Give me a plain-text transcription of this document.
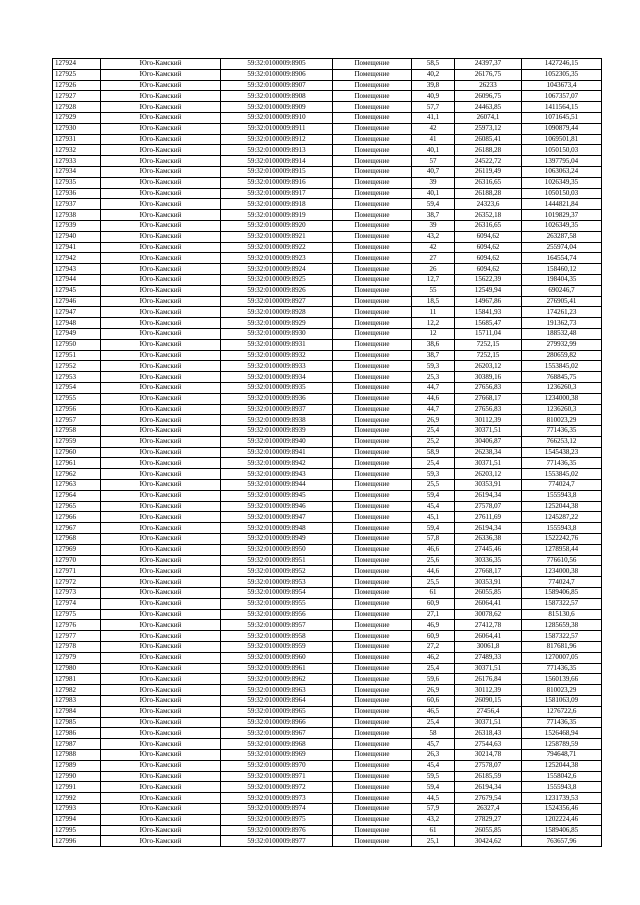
127924	Юго-Камский	59:32:0100009:8905	Помещение	58,5	24397,37	1427246,15
127925	Юго-Камский	59:32:0100009:8906	Помещение	40,2	26176,75	1052305,35
127926	Юго-Камский	59:32:0100009:8907	Помещение	39,8	26233	1043673,4
127927	Юго-Камский	59:32:0100009:8908	Помещение	40,9	26096,75	1067357,07
127928	Юго-Камский	59:32:0100009:8909	Помещение	57,7	24463,85	1411564,15
127929	Юго-Камский	59:32:0100009:8910	Помещение	41,1	26074,1	1071645,51
127930	Юго-Камский	59:32:0100009:8911	Помещение	42	25973,12	1090879,44
127931	Юго-Камский	59:32:0100009:8912	Помещение	41	26085,41	1069501,81
127932	Юго-Камский	59:32:0100009:8913	Помещение	40,1	26188,28	1050150,03
127933	Юго-Камский	59:32:0100009:8914	Помещение	57	24522,72	1397795,04
127934	Юго-Камский	59:32:0100009:8915	Помещение	40,7	26119,49	1063063,24
127935	Юго-Камский	59:32:0100009:8916	Помещение	39	26316,65	1026349,35
127936	Юго-Камский	59:32:0100009:8917	Помещение	40,1	26188,28	1050150,03
127937	Юго-Камский	59:32:0100009:8918	Помещение	59,4	24323,6	1444821,84
127938	Юго-Камский	59:32:0100009:8919	Помещение	38,7	26352,18	1019829,37
127939	Юго-Камский	59:32:0100009:8920	Помещение	39	26316,65	1026349,35
127940	Юго-Камский	59:32:0100009:8921	Помещение	43,2	6094,62	263287,58
127941	Юго-Камский	59:32:0100009:8922	Помещение	42	6094,62	255974,04
127942	Юго-Камский	59:32:0100009:8923	Помещение	27	6094,62	164554,74
127943	Юго-Камский	59:32:0100009:8924	Помещение	26	6094,62	158460,12
127944	Юго-Камский	59:32:0100009:8925	Помещение	12,7	15622,39	198404,35
127945	Юго-Камский	59:32:0100009:8926	Помещение	55	12549,94	690246,7
127946	Юго-Камский	59:32:0100009:8927	Помещение	18,5	14967,86	276905,41
127947	Юго-Камский	59:32:0100009:8928	Помещение	11	15841,93	174261,23
127948	Юго-Камский	59:32:0100009:8929	Помещение	12,2	15685,47	191362,73
127949	Юго-Камский	59:32:0100009:8930	Помещение	12	15711,04	188532,48
127950	Юго-Камский	59:32:0100009:8931	Помещение	38,6	7252,15	279932,99
127951	Юго-Камский	59:32:0100009:8932	Помещение	38,7	7252,15	280659,82
127952	Юго-Камский	59:32:0100009:8933	Помещение	59,3	26203,12	1553845,02
127953	Юго-Камский	59:32:0100009:8934	Помещение	25,3	30389,16	768845,75
127954	Юго-Камский	59:32:0100009:8935	Помещение	44,7	27656,83	1236260,3
127955	Юго-Камский	59:32:0100009:8936	Помещение	44,6	27668,17	1234000,38
127956	Юго-Камский	59:32:0100009:8937	Помещение	44,7	27656,83	1236260,3
127957	Юго-Камский	59:32:0100009:8938	Помещение	26,9	30112,39	810023,29
127958	Юго-Камский	59:32:0100009:8939	Помещение	25,4	30371,51	771436,35
127959	Юго-Камский	59:32:0100009:8940	Помещение	25,2	30406,87	766253,12
127960	Юго-Камский	59:32:0100009:8941	Помещение	58,9	26238,34	1545438,23
127961	Юго-Камский	59:32:0100009:8942	Помещение	25,4	30371,51	771436,35
127962	Юго-Камский	59:32:0100009:8943	Помещение	59,3	26203,12	1553845,02
127963	Юго-Камский	59:32:0100009:8944	Помещение	25,5	30353,91	774024,7
127964	Юго-Камский	59:32:0100009:8945	Помещение	59,4	26194,34	1555943,8
127965	Юго-Камский	59:32:0100009:8946	Помещение	45,4	27578,07	1252044,38
127966	Юго-Камский	59:32:0100009:8947	Помещение	45,1	27611,69	1245287,22
127967	Юго-Камский	59:32:0100009:8948	Помещение	59,4	26194,34	1555943,8
127968	Юго-Камский	59:32:0100009:8949	Помещение	57,8	26336,38	1522242,76
127969	Юго-Камский	59:32:0100009:8950	Помещение	46,6	27445,46	1278958,44
127970	Юго-Камский	59:32:0100009:8951	Помещение	25,6	30336,35	776610,56
127971	Юго-Камский	59:32:0100009:8952	Помещение	44,6	27668,17	1234000,38
127972	Юго-Камский	59:32:0100009:8953	Помещение	25,5	30353,91	774024,7
127973	Юго-Камский	59:32:0100009:8954	Помещение	61	26055,85	1589406,85
127974	Юго-Камский	59:32:0100009:8955	Помещение	60,9	26064,41	1587322,57
127975	Юго-Камский	59:32:0100009:8956	Помещение	27,1	30078,62	815130,6
127976	Юго-Камский	59:32:0100009:8957	Помещение	46,9	27412,78	1285659,38
127977	Юго-Камский	59:32:0100009:8958	Помещение	60,9	26064,41	1587322,57
127978	Юго-Камский	59:32:0100009:8959	Помещение	27,2	30061,8	817681,96
127979	Юго-Камский	59:32:0100009:8960	Помещение	46,2	27489,33	1270007,05
127980	Юго-Камский	59:32:0100009:8961	Помещение	25,4	30371,51	771436,35
127981	Юго-Камский	59:32:0100009:8962	Помещение	59,6	26176,84	1560139,66
127982	Юго-Камский	59:32:0100009:8963	Помещение	26,9	30112,39	810023,29
127983	Юго-Камский	59:32:0100009:8964	Помещение	60,6	26090,15	1581063,09
127984	Юго-Камский	59:32:0100009:8965	Помещение	46,5	27456,4	1276722,6
127985	Юго-Камский	59:32:0100009:8966	Помещение	25,4	30371,51	771436,35
127986	Юго-Камский	59:32:0100009:8967	Помещение	58	26318,43	1526468,94
127987	Юго-Камский	59:32:0100009:8968	Помещение	45,7	27544,63	1258789,59
127988	Юго-Камский	59:32:0100009:8969	Помещение	26,3	30214,78	794648,71
127989	Юго-Камский	59:32:0100009:8970	Помещение	45,4	27578,07	1252044,38
127990	Юго-Камский	59:32:0100009:8971	Помещение	59,5	26185,59	1558042,6
127991	Юго-Камский	59:32:0100009:8972	Помещение	59,4	26194,34	1555943,8
127992	Юго-Камский	59:32:0100009:8973	Помещение	44,5	27679,54	1231739,53
127993	Юго-Камский	59:32:0100009:8974	Помещение	57,9	26327,4	1524356,46
127994	Юго-Камский	59:32:0100009:8975	Помещение	43,2	27829,27	1202224,46
127995	Юго-Камский	59:32:0100009:8976	Помещение	61	26055,85	1589406,85
127996	Юго-Камский	59:32:0100009:8977	Помещение	25,1	30424,62	763657,96
